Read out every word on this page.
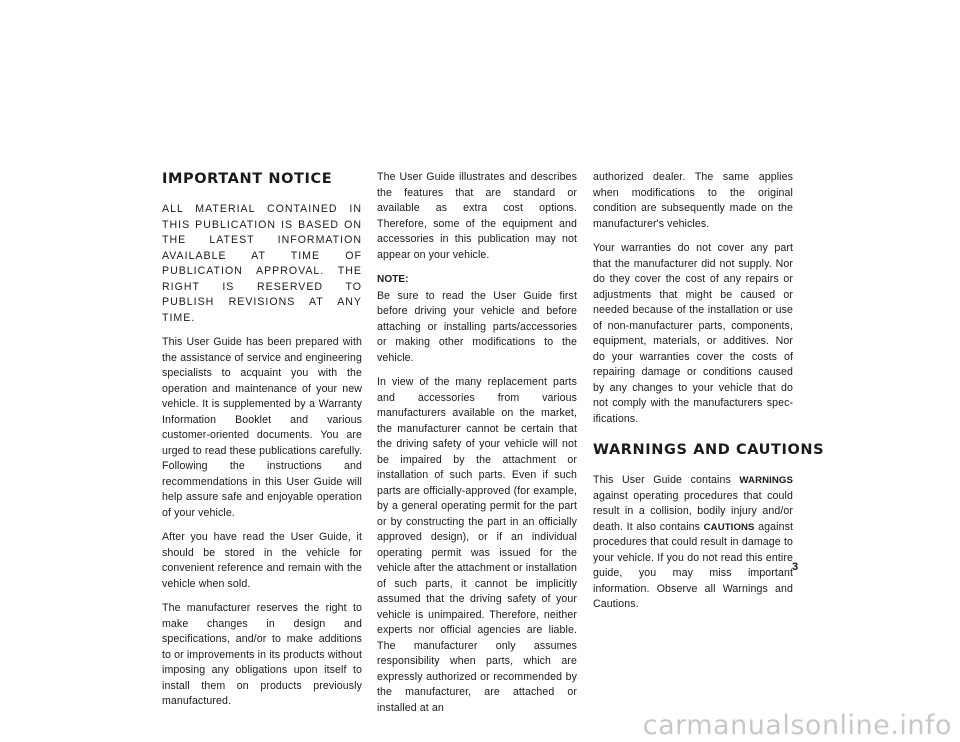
IMPORTANT NOTICE

ALL MATERIAL CONTAINED IN THIS PUBLICATION IS BASED ON THE LATEST INFORMATION AVAILABLE AT TIME OF PUBLICATION APPROVAL. THE RIGHT IS RESERVED TO PUBLISH REVISIONS AT ANY TIME.

This User Guide has been prepared with the assistance of service and engineering specialists to acquaint you with the operation and maintenance of your new vehicle. It is supplemented by a Warranty Information Booklet and various customer-oriented documents. You are urged to read these publications carefully. Following the instructions and recommendations in this User Guide will help assure safe and enjoyable operation of your vehicle.

After you have read the User Guide, it should be stored in the vehicle for convenient reference and remain with the vehicle when sold.

The manufacturer reserves the right to make changes in design and specifications, and/or to make additions to or improvements in its products without imposing any obligations upon itself to install them on products previously manufactured.

The User Guide illustrates and describes the features that are standard or available as extra cost options. Therefore, some of the equipment and accessories in this publication may not appear on your vehicle.

NOTE:
Be sure to read the User Guide first before driving your vehicle and before attaching or installing parts/accessories or making other modifications to the vehicle.

In view of the many replacement parts and accessories from various manufacturers available on the market, the manufacturer cannot be certain that the driving safety of your vehicle will not be impaired by the attachment or installation of such parts. Even if such parts are officially-approved (for example, by a general operating permit for the part or by constructing the part in an officially approved design), or if an individual operating permit was issued for the vehicle after the attachment or installation of such parts, it cannot be implicitly assumed that the driving safety of your vehicle is unimpaired. Therefore, neither experts nor official agencies are liable. The manufacturer only assumes responsibility when parts, which are expressly authorized or recommended by the manufacturer, are attached or installed at an

authorized dealer. The same applies when modifications to the original condition are subsequently made on the manufacturer's vehicles.

Your warranties do not cover any part that the manufacturer did not supply. Nor do they cover the cost of any repairs or adjustments that might be caused or needed because of the installation or use of non-manufacturer parts, components, equipment, materials, or additives. Nor do your warranties cover the costs of repairing damage or conditions caused by any changes to your vehicle that do not comply with the manufacturers specifications.

WARNINGS AND CAUTIONS

This User Guide contains WARNINGS against operating procedures that could result in a collision, bodily injury and/or death. It also contains CAUTIONS against procedures that could result in damage to your vehicle. If you do not read this entire guide, you may miss important information. Observe all Warnings and Cautions.

3
carmanualsonline.info
